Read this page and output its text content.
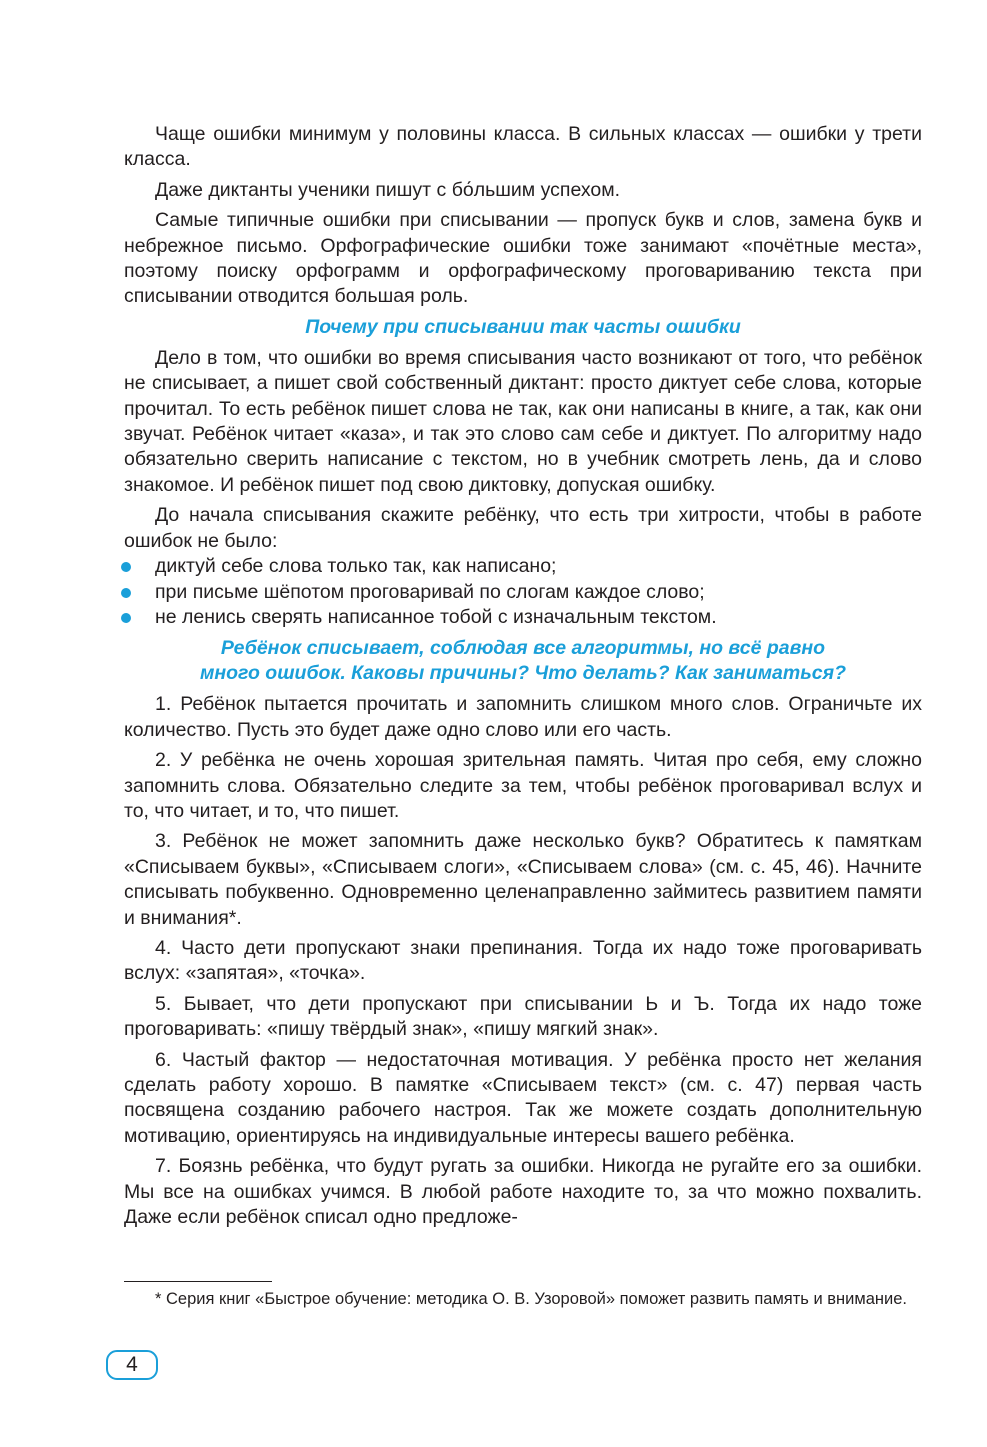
Чаще ошибки минимум у половины класса. В сильных классах — ошибки у трети класса.

Даже диктанты ученики пишут с бо́льшим успехом.

Самые типичные ошибки при списывании — пропуск букв и слов, замена букв и небрежное письмо. Орфографические ошибки тоже занимают «почётные места», поэтому поиску орфограмм и орфографическому проговариванию текста при списывании отводится большая роль.

Почему при списывании так часты ошибки

Дело в том, что ошибки во время списывания часто возникают от того, что ребёнок не списывает, а пишет свой собственный диктант: просто диктует себе слова, которые прочитал. То есть ребёнок пишет слова не так, как они написаны в книге, а так, как они звучат. Ребёнок читает «каза», и так это слово сам себе и диктует. По алгоритму надо обязательно сверить написание с текстом, но в учебник смотреть лень, да и слово знакомое. И ребёнок пишет под свою диктовку, допуская ошибку.

До начала списывания скажите ребёнку, что есть три хитрости, чтобы в работе ошибок не было:

диктуй себе слова только так, как написано;
при письме шёпотом проговаривай по слогам каждое слово;
не ленись сверять написанное тобой с изначальным текстом.
Ребёнок списывает, соблюдая все алгоритмы, но всё равно
много ошибок. Каковы причины? Что делать? Как заниматься?

1. Ребёнок пытается прочитать и запомнить слишком много слов. Ограничьте их количество. Пусть это будет даже одно слово или его часть.

2. У ребёнка не очень хорошая зрительная память. Читая про себя, ему сложно запомнить слова. Обязательно следите за тем, чтобы ребёнок проговаривал вслух и то, что читает, и то, что пишет.

3. Ребёнок не может запомнить даже несколько букв? Обратитесь к памяткам «Списываем буквы», «Списываем слоги», «Списываем слова» (см. с. 45, 46). Начните списывать побуквенно. Одновременно целенаправленно займитесь развитием памяти и внимания*.

4. Часто дети пропускают знаки препинания. Тогда их надо тоже проговаривать вслух: «запятая», «точка».

5. Бывает, что дети пропускают при списывании Ь и Ъ. Тогда их надо тоже проговаривать: «пишу твёрдый знак», «пишу мягкий знак».

6. Частый фактор — недостаточная мотивация. У ребёнка просто нет желания сделать работу хорошо. В памятке «Списываем текст» (см. с. 47) первая часть посвящена созданию рабочего настроя. Так же можете создать дополнительную мотивацию, ориентируясь на индивидуальные интересы вашего ребёнка.

7. Боязнь ребёнка, что будут ругать за ошибки. Никогда не ругайте его за ошибки. Мы все на ошибках учимся. В любой работе находите то, за что можно похвалить. Даже если ребёнок списал одно предложе-

* Серия книг «Быстрое обучение: методика О. В. Узоровой» поможет развить память и внимание.

4
